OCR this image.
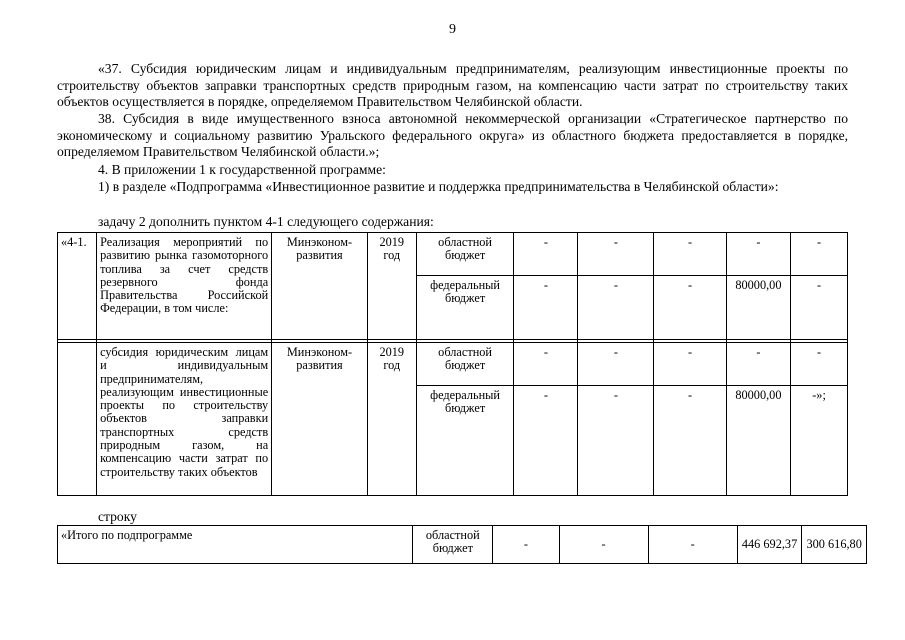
9
«37. Субсидия юридическим лицам и индивидуальным предпринимателям, реализующим инвестиционные проекты по строительству объектов заправки транспортных средств природным газом, на компенсацию части затрат по строительству таких объектов осуществляется в порядке, определяемом Правительством Челябинской области.
38. Субсидия в виде имущественного взноса автономной некоммерческой организации «Стратегическое партнерство по экономическому и социальному развитию Уральского федерального округа» из областного бюджета предоставляется в порядке, определяемом Правительством Челябинской области.»;
4. В приложении 1 к государственной программе:
1) в разделе «Подпрограмма «Инвестиционное развитие и поддержка предпринимательства в Челябинской области»:
задачу 2 дополнить пунктом 4-1 следующего содержания:
«4-1.	Реализация мероприятий по развитию рынка газомоторного топлива за счет средств резервного фонда Правительства Российской Федерации, в том числе:	Минэконом-развития	2019 год	областной бюджет	-	-	-	-	-
				федеральный бюджет	-	-	-	80000,00	-

	субсидия юридическим лицам и индивидуальным предпринимателям, реализующим инвестиционные проекты по строительству объектов заправки транспортных средств природным газом, на компенсацию части затрат по строительству таких объектов	Минэконом-развития	2019 год	областной бюджет	-	-	-	-	-
				федеральный бюджет	-	-	-	80000,00	-»;
строку
«Итого по подпрограмме	областной бюджет	-	-	-	446 692,37	300 616,80
